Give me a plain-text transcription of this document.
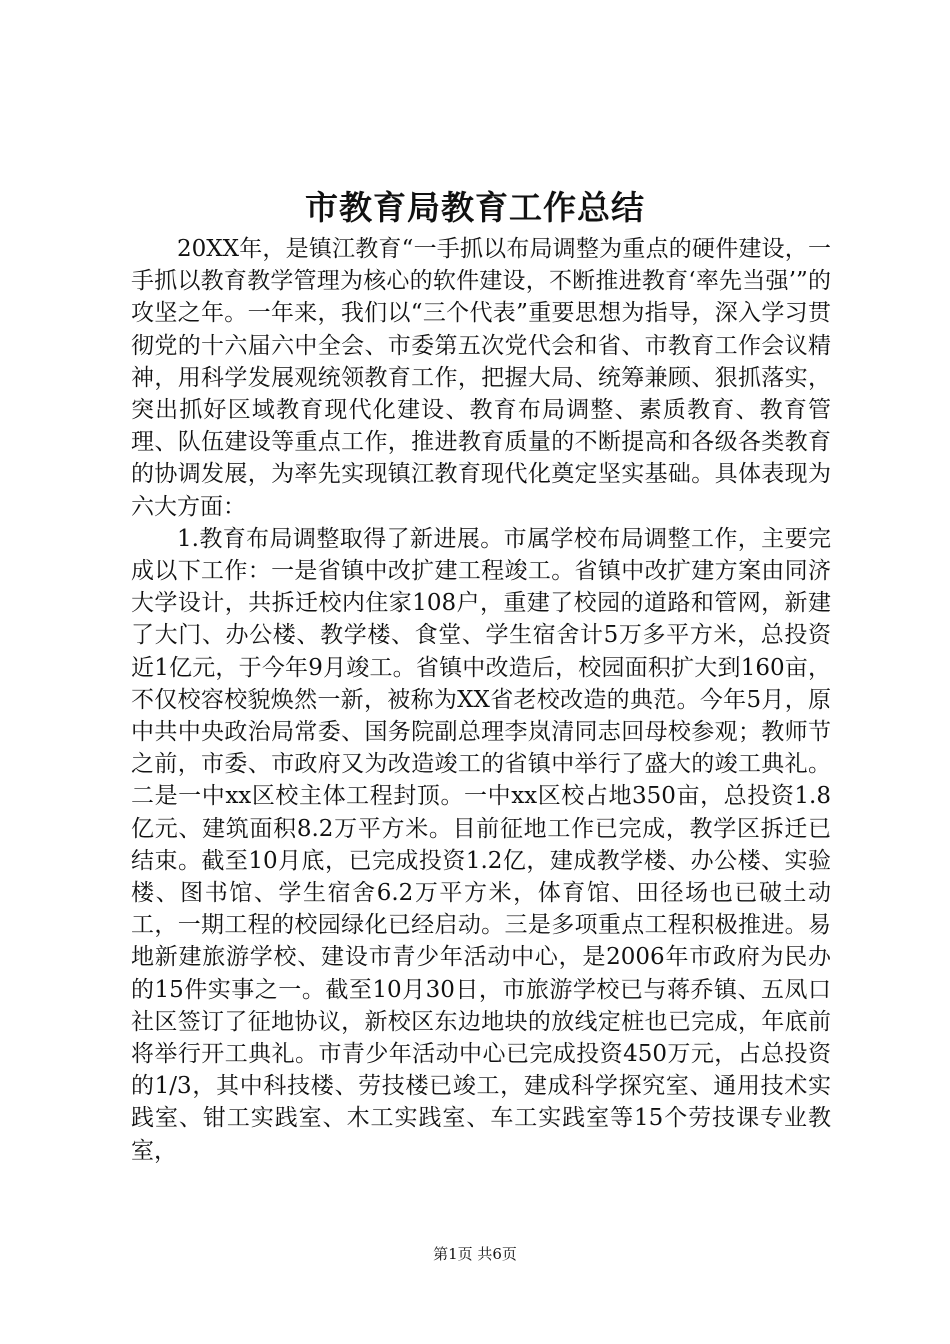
市教育局教育工作总结

20XX年，是镇江教育“一手抓以布局调整为重点的硬件建设，一手抓以教育教学管理为核心的软件建设，不断推进教育‘率先当强’”的攻坚之年。一年来，我们以“三个代表”重要思想为指导，深入学习贯彻党的十六届六中全会、市委第五次党代会和省、市教育工作会议精神，用科学发展观统领教育工作，把握大局、统筹兼顾、狠抓落实，突出抓好区域教育现代化建设、教育布局调整、素质教育、教育管理、队伍建设等重点工作，推进教育质量的不断提高和各级各类教育的协调发展，为率先实现镇江教育现代化奠定坚实基础。具体表现为六大方面：

1.教育布局调整取得了新进展。市属学校布局调整工作，主要完成以下工作：一是省镇中改扩建工程竣工。省镇中改扩建方案由同济大学设计，共拆迁校内住家108户，重建了校园的道路和管网，新建了大门、办公楼、教学楼、食堂、学生宿舍计5万多平方米，总投资近1亿元，于今年9月竣工。省镇中改造后，校园面积扩大到160亩，不仅校容校貌焕然一新，被称为XX省老校改造的典范。今年5月，原中共中央政治局常委、国务院副总理李岚清同志回母校参观；教师节之前，市委、市政府又为改造竣工的省镇中举行了盛大的竣工典礼。二是一中xx区校主体工程封顶。一中xx区校占地350亩，总投资1.8亿元、建筑面积8.2万平方米。目前征地工作已完成，教学区拆迁已结束。截至10月底，已完成投资1.2亿，建成教学楼、办公楼、实验楼、图书馆、学生宿舍6.2万平方米，体育馆、田径场也已破土动工，一期工程的校园绿化已经启动。三是多项重点工程积极推进。易地新建旅游学校、建设市青少年活动中心，是2006年市政府为民办的15件实事之一。截至10月30日，市旅游学校已与蒋乔镇、五凤口社区签订了征地协议，新校区东边地块的放线定桩也已完成，年底前将举行开工典礼。市青少年活动中心已完成投资450万元，占总投资的1/3，其中科技楼、劳技楼已竣工，建成科学探究室、通用技术实践室、钳工实践室、木工实践室、车工实践室等15个劳技课专业教室，

第1页 共6页
